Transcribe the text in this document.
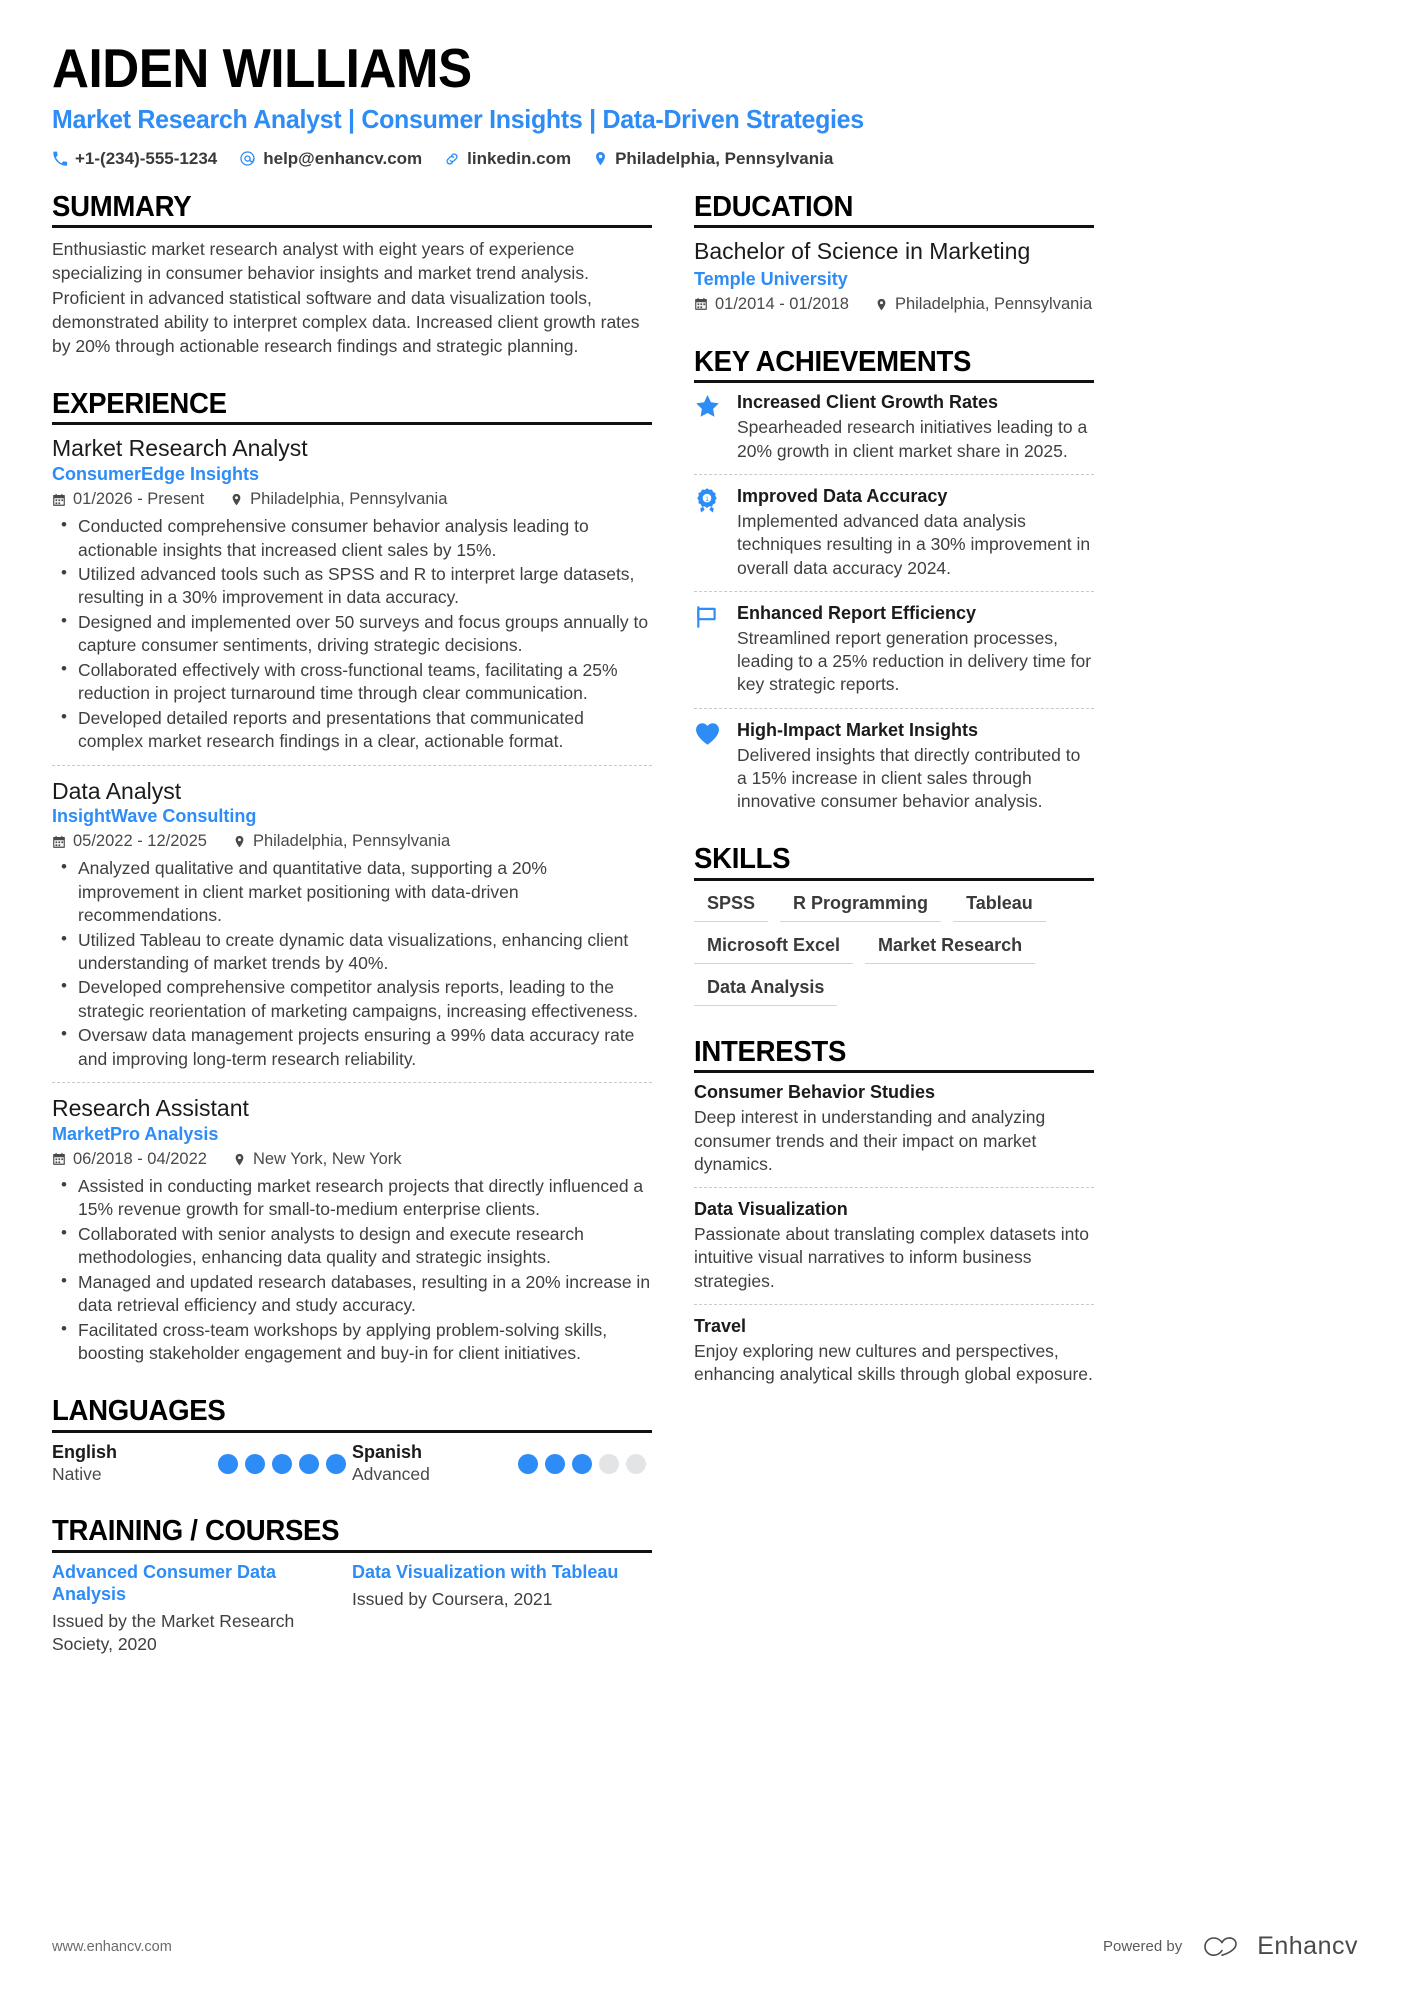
AIDEN WILLIAMS
Market Research Analyst | Consumer Insights | Data-Driven Strategies
+1-(234)-555-1234	help@enhancv.com	linkedin.com	Philadelphia, Pennsylvania
SUMMARY
Enthusiastic market research analyst with eight years of experience specializing in consumer behavior insights and market trend analysis. Proficient in advanced statistical software and data visualization tools, demonstrated ability to interpret complex data. Increased client growth rates by 20% through actionable research findings and strategic planning.
EXPERIENCE
Market Research Analyst
ConsumerEdge Insights
01/2026 - Present	Philadelphia, Pennsylvania
• Conducted comprehensive consumer behavior analysis leading to actionable insights that increased client sales by 15%.
• Utilized advanced tools such as SPSS and R to interpret large datasets, resulting in a 30% improvement in data accuracy.
• Designed and implemented over 50 surveys and focus groups annually to capture consumer sentiments, driving strategic decisions.
• Collaborated effectively with cross-functional teams, facilitating a 25% reduction in project turnaround time through clear communication.
• Developed detailed reports and presentations that communicated complex market research findings in a clear, actionable format.
Data Analyst
InsightWave Consulting
05/2022 - 12/2025	Philadelphia, Pennsylvania
• Analyzed qualitative and quantitative data, supporting a 20% improvement in client market positioning with data-driven recommendations.
• Utilized Tableau to create dynamic data visualizations, enhancing client understanding of market trends by 40%.
• Developed comprehensive competitor analysis reports, leading to the strategic reorientation of marketing campaigns, increasing effectiveness.
• Oversaw data management projects ensuring a 99% data accuracy rate and improving long-term research reliability.
Research Assistant
MarketPro Analysis
06/2018 - 04/2022	New York, New York
• Assisted in conducting market research projects that directly influenced a 15% revenue growth for small-to-medium enterprise clients.
• Collaborated with senior analysts to design and execute research methodologies, enhancing data quality and strategic insights.
• Managed and updated research databases, resulting in a 20% increase in data retrieval efficiency and study accuracy.
• Facilitated cross-team workshops by applying problem-solving skills, boosting stakeholder engagement and buy-in for client initiatives.
LANGUAGES
English
Native
Spanish
Advanced
TRAINING / COURSES
Advanced Consumer Data Analysis
Issued by the Market Research Society, 2020
Data Visualization with Tableau
Issued by Coursera, 2021
EDUCATION
Bachelor of Science in Marketing
Temple University
01/2014 - 01/2018	Philadelphia, Pennsylvania
KEY ACHIEVEMENTS
Increased Client Growth Rates
Spearheaded research initiatives leading to a 20% growth in client market share in 2025.
1 Improved Data Accuracy
Implemented advanced data analysis techniques resulting in a 30% improvement in overall data accuracy 2024.
Enhanced Report Efficiency
Streamlined report generation processes, leading to a 25% reduction in delivery time for key strategic reports.
High-Impact Market Insights
Delivered insights that directly contributed to a 15% increase in client sales through innovative consumer behavior analysis.
SKILLS
SPSS	R Programming	Tableau
Microsoft Excel	Market Research
Data Analysis
INTERESTS
Consumer Behavior Studies
Deep interest in understanding and analyzing consumer trends and their impact on market dynamics.
Data Visualization
Passionate about translating complex datasets into intuitive visual narratives to inform business strategies.
Travel
Enjoy exploring new cultures and perspectives, enhancing analytical skills through global exposure.
www.enhancv.com	Powered by	Enhancv
